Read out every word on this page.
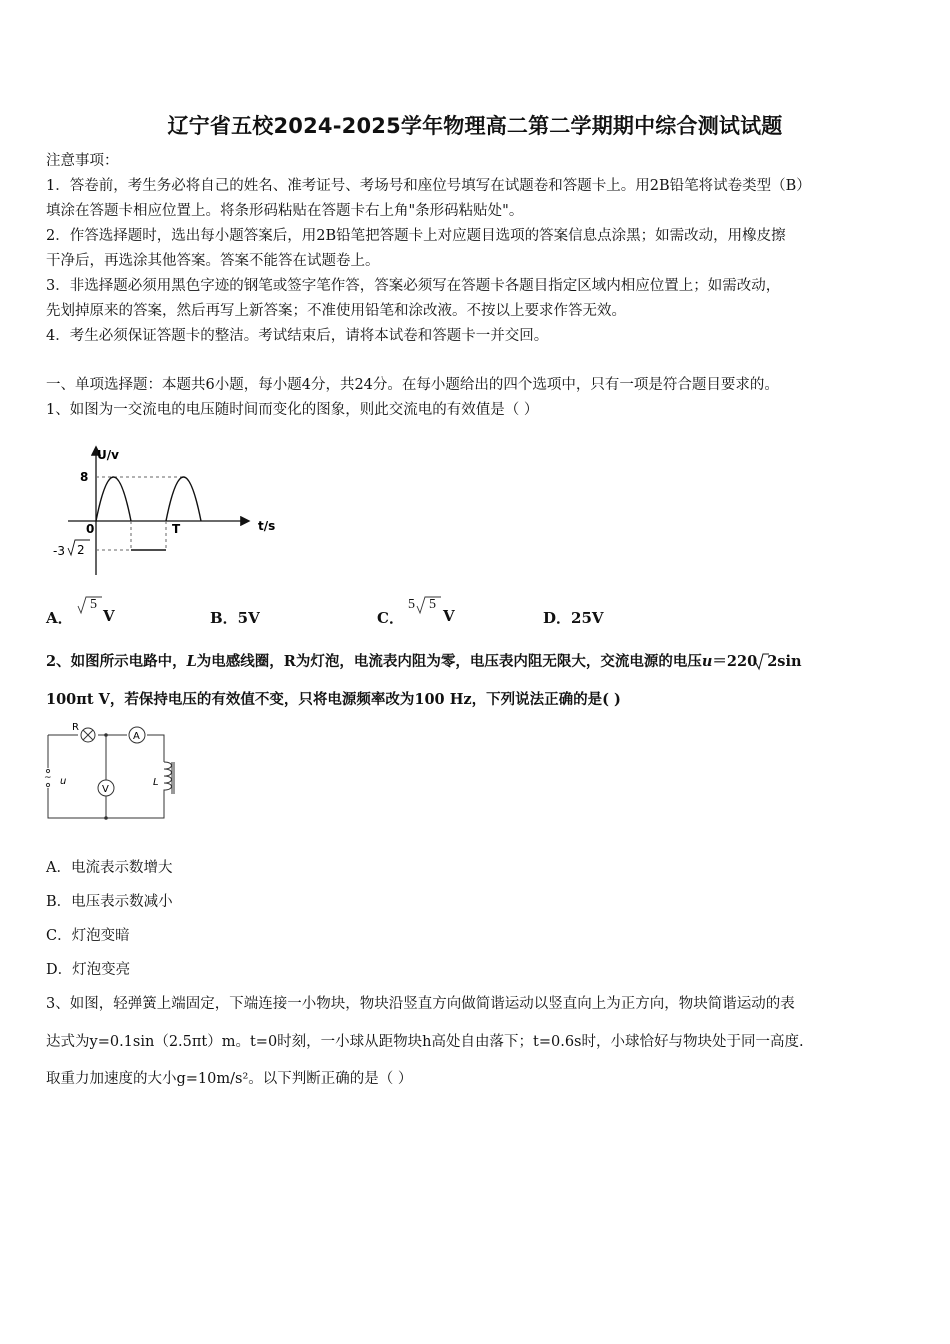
辽宁省五校2024-2025学年物理高二第二学期期中综合测试试题
注意事项：
1．答卷前，考生务必将自己的姓名、准考证号、考场号和座位号填写在试题卷和答题卡上。用2B铅笔将试卷类型（B）
填涂在答题卡相应位置上。将条形码粘贴在答题卡右上角"条形码粘贴处"。
2．作答选择题时，选出每小题答案后，用2B铅笔把答题卡上对应题目选项的答案信息点涂黑；如需改动，用橡皮擦
干净后，再选涂其他答案。答案不能答在试题卷上。
3．非选择题必须用黑色字迹的钢笔或签字笔作答，答案必须写在答题卡各题目指定区域内相应位置上；如需改动，
先划掉原来的答案，然后再写上新答案；不准使用铅笔和涂改液。不按以上要求作答无效。
4．考生必须保证答题卡的整洁。考试结束后，请将本试卷和答题卡一并交回。
一、单项选择题：本题共6小题，每小题4分，共24分。在每小题给出的四个选项中，只有一项是符合题目要求的。
1、如图为一交流电的电压随时间而变化的图象，则此交流电的有效值是（ ）
U/v
8
0	T	t/s
-3 2
A．
5
V	B．5V	C．
5 5
V	D．25V
2、如图所示电路中，L为电感线圈，R为灯泡，电流表内阻为零，电压表内阻无限大，交流电源的电压u＝220 2sin
100πt V，若保持电压的有效值不变，只将电源频率改为100 Hz，下列说法正确的是( )
~ u
R
A
V
L
A．电流表示数增大
B．电压表示数减小
C．灯泡变暗
D．灯泡变亮
3、如图，轻弹簧上端固定，下端连接一小物块，物块沿竖直方向做简谐运动以竖直向上为正方向，物块简谐运动的表
达式为y=0.1sin（2.5πt）m。t=0时刻，一小球从距物块h高处自由落下；t=0.6s时，小球恰好与物块处于同一高度.
取重力加速度的大小g=10m/s²。以下判断正确的是（ ）
